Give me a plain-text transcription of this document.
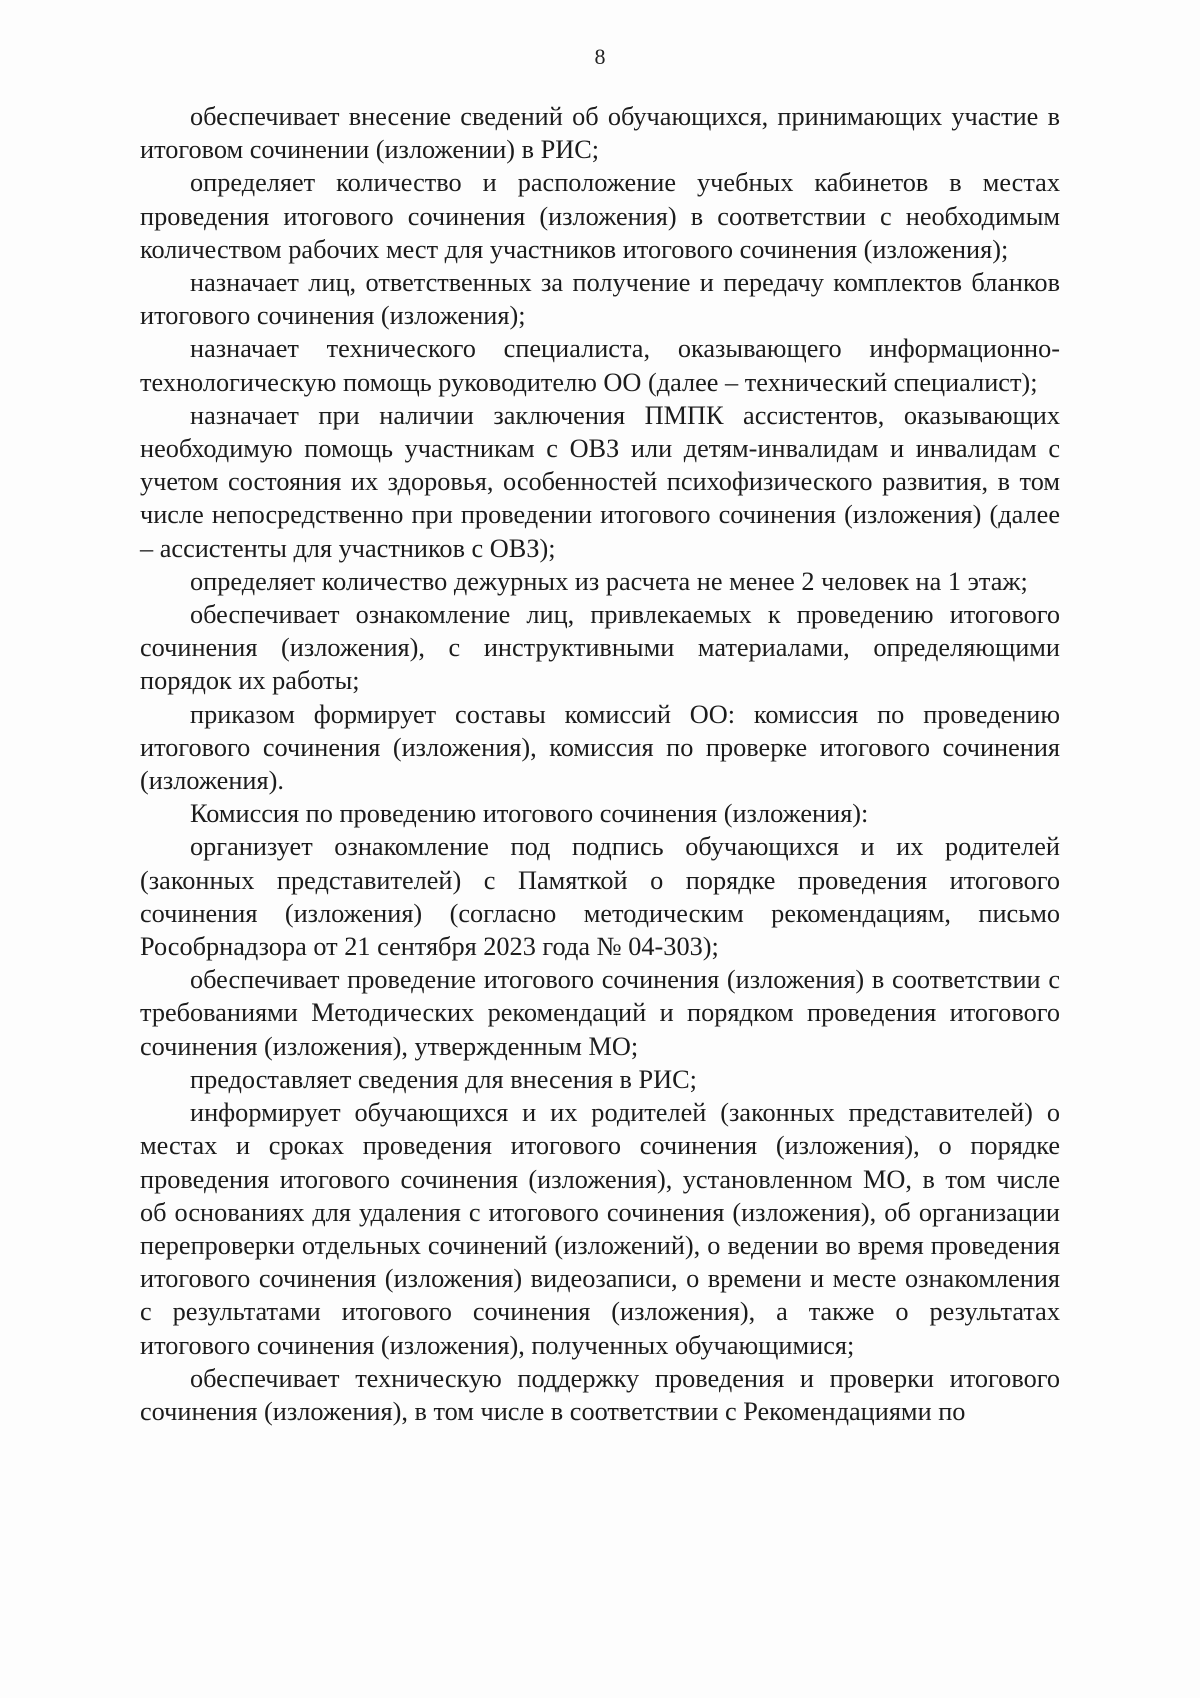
8

обеспечивает внесение сведений об обучающихся, принимающих участие в итоговом сочинении (изложении) в РИС;

определяет количество и расположение учебных кабинетов в местах проведения итогового сочинения (изложения) в соответствии с необходимым количеством рабочих мест для участников итогового сочинения (изложения);

назначает лиц, ответственных за получение и передачу комплектов бланков итогового сочинения (изложения);

назначает технического специалиста, оказывающего информационно-технологическую помощь руководителю ОО (далее – технический специалист);

назначает при наличии заключения ПМПК ассистентов, оказывающих необходимую помощь участникам с ОВЗ или детям-инвалидам и инвалидам с учетом состояния их здоровья, особенностей психофизического развития, в том числе непосредственно при проведении итогового сочинения (изложения) (далее – ассистенты для участников с ОВЗ);

определяет количество дежурных из расчета не менее 2 человек на 1 этаж;

обеспечивает ознакомление лиц, привлекаемых к проведению итогового сочинения (изложения), с инструктивными материалами, определяющими порядок их работы;

приказом формирует составы комиссий ОО: комиссия по проведению итогового сочинения (изложения), комиссия по проверке итогового сочинения (изложения).

Комиссия по проведению итогового сочинения (изложения):

организует ознакомление под подпись обучающихся и их родителей (законных представителей) с Памяткой о порядке проведения итогового сочинения (изложения) (согласно методическим рекомендациям, письмо Рособрнадзора от 21 сентября 2023 года № 04-303);

обеспечивает проведение итогового сочинения (изложения) в соответствии с требованиями Методических рекомендаций и порядком проведения итогового сочинения (изложения), утвержденным МО;

предоставляет сведения для внесения в РИС;

информирует обучающихся и их родителей (законных представителей) о местах и сроках проведения итогового сочинения (изложения), о порядке проведения итогового сочинения (изложения), установленном МО, в том числе об основаниях для удаления с итогового сочинения (изложения), об организации перепроверки отдельных сочинений (изложений), о ведении во время проведения итогового сочинения (изложения) видеозаписи, о времени и месте ознакомления с результатами итогового сочинения (изложения), а также о результатах итогового сочинения (изложения), полученных обучающимися;

обеспечивает техническую поддержку проведения и проверки итогового сочинения (изложения), в том числе в соответствии с Рекомендациями по
